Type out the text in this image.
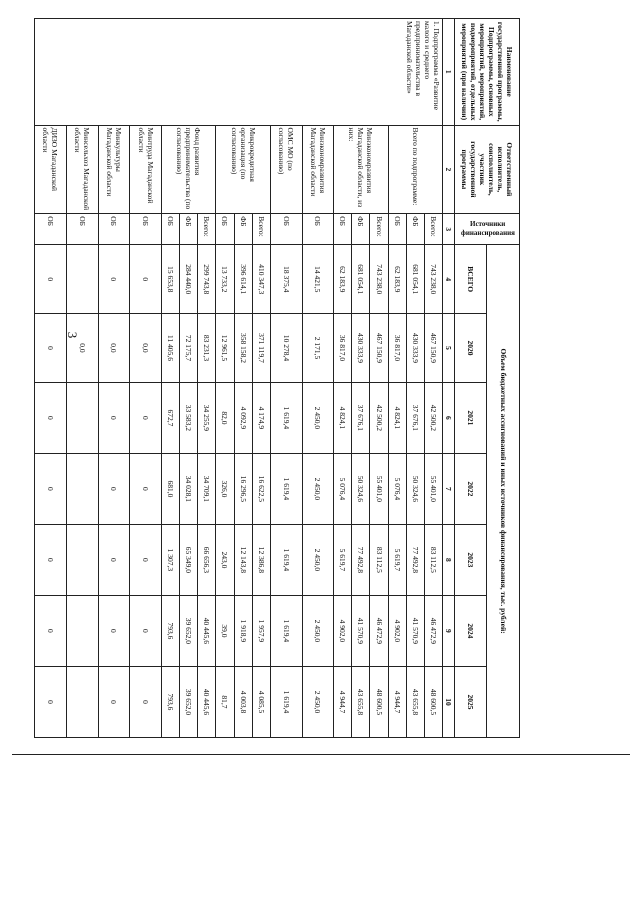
3
Наименование государственной программы, Подпрограммы, основных мероприятий, мероприятий, подмероприятий, отдельных мероприятий (при наличии)	Ответственный исполнитель, соисполнитель, участник государственной программы	Источники финансирования	Объем бюджетных ассигнований и иных источников финансирования, тыс. рублей:						
			ВСЕГО	2020	2021	2022	2023	2024	2025
1	2	3	4	5	6	7	8	9	10
1. Подпрограмма «Развитие малого и среднего предпринимательства в Магаданской области»	Всего по подпрограмме:	Всего:	743 238,0	467 150,9	42 500,2	55 401,0	83 112,5	46 472,9	48 600,5
		ФБ	681 054,1	430 333,9	37 676,1	50 324,6	77 492,8	41 570,9	43 655,8
		ОБ	62 183,9	36 817,0	4 824,1	5 076,4	5 619,7	4 902,0	4 944,7
	Минэкономразвития Магаданской области, из них:	Всего:	743 238,0	467 150,9	42 500,2	55 401,0	83 112,5	46 472,9	48 600,5
		ФБ	681 054,1	430 333,9	37 676,1	50 324,6	77 492,8	41 570,9	43 655,8
		ОБ	62 183,9	36 817,0	4 824,1	5 076,4	5 619,7	4 902,0	4 944,7
	Минэкономразвития Магаданской области	ОБ	14 421,5	2 171,5	2 450,0	2 450,0	2 450,0	2 450,0	2 450,0
	ОМС МО (по согласованию)	ОБ	18 375,4	10 278,4	1 619,4	1 619,4	1 619,4	1 619,4	1 619,4
	Микрокредитная организация (по согласованию)	Всего:	410 347,3	371 119,7	4 174,9	16 622,5	12 386,8	1 957,9	4 085,5
		ФБ	396 614,1	358 158,2	4 092,9	16 296,5	12 143,8	1 918,9	4 003,8
		ОБ	13 733,2	12 961,5	82,0	326,0	243,0	39,0	81,7
	Фонд развития предпринимательства (по согласованию)	Всего:	299 743,8	83 231,3	34 255,9	34 709,1	66 656,3	40 445,6	40 445,6
		ФБ	284 440,0	72 175,7	33 583,2	34 028,1	65 349,0	39 652,0	39 652,0
		ОБ	15 653,8	11 405,6	672,7	681,0	1 307,3	793,6	793,6
	Минтруда Магаданской области	ОБ	0	0,0	0	0	0	0	0
	Минкультуры Магаданской области	ОБ	0	0,0	0	0	0	0	0
	Минсельхоз Магаданской области	ОБ		0,0					
	ДИЗО Магаданской области	ОБ	0	0	0	0	0	0	0
